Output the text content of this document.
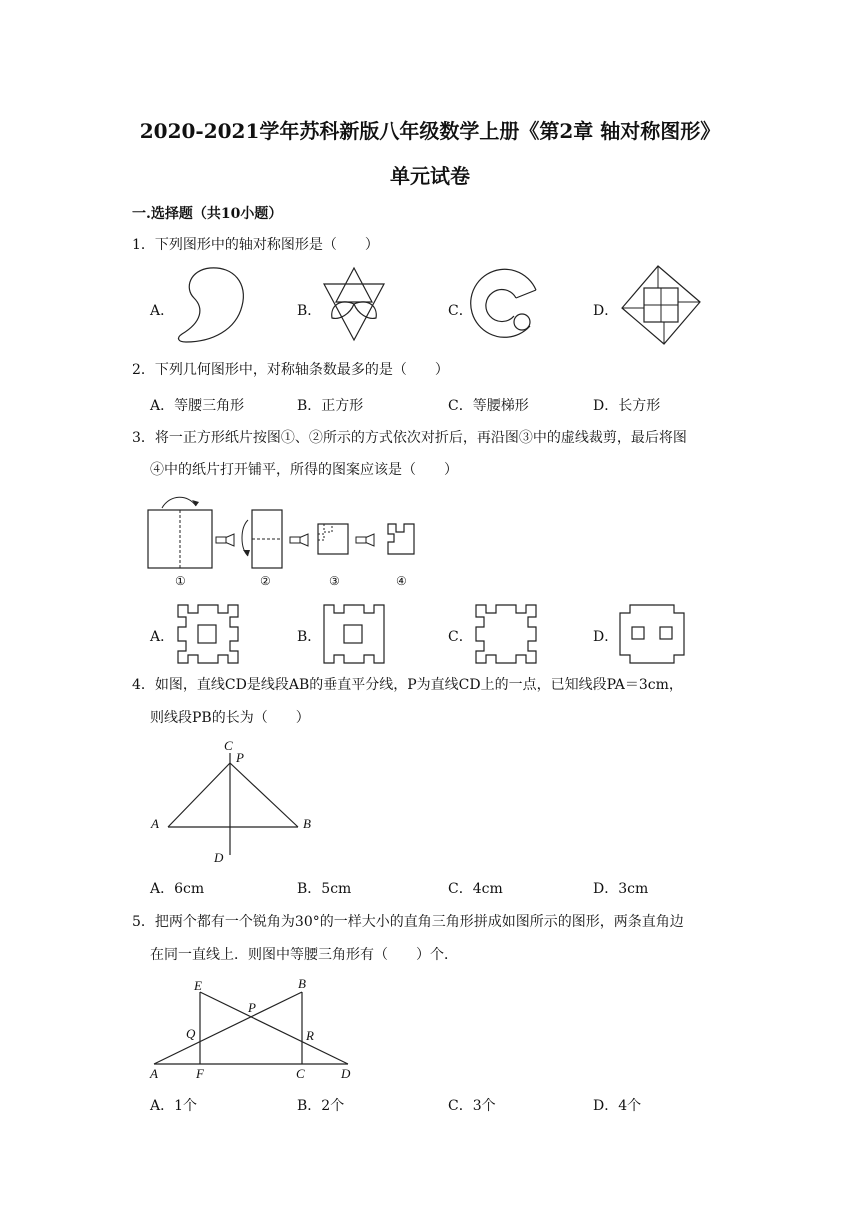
2020-2021学年苏科新版八年级数学上册《第2章 轴对称图形》
单元试卷
一.选择题（共10小题）
1．下列图形中的轴对称图形是（　　）
A．	B．	C．	D．
2．下列几何图形中，对称轴条数最多的是（　　）
A．等腰三角形	B．正方形	C．等腰梯形	D．长方形
3．将一正方形纸片按图①、②所示的方式依次对折后，再沿图③中的虚线裁剪，最后将图
④中的纸片打开铺平，所得的图案应该是（　　）
①	②	③	④
A．	B．	C．	D．
4．如图，直线CD是线段AB的垂直平分线，P为直线CD上的一点，已知线段PA＝3cm，
则线段PB的长为（　　）
C
P
A	B
D
A．6cm	B．5cm	C．4cm	D．3cm
5．把两个都有一个锐角为30°的一样大小的直角三角形拼成如图所示的图形，两条直角边
在同一直线上．则图中等腰三角形有（　　）个．
E	B
P
Q	R
A	F	C	D
A．1个	B．2个	C．3个	D．4个
